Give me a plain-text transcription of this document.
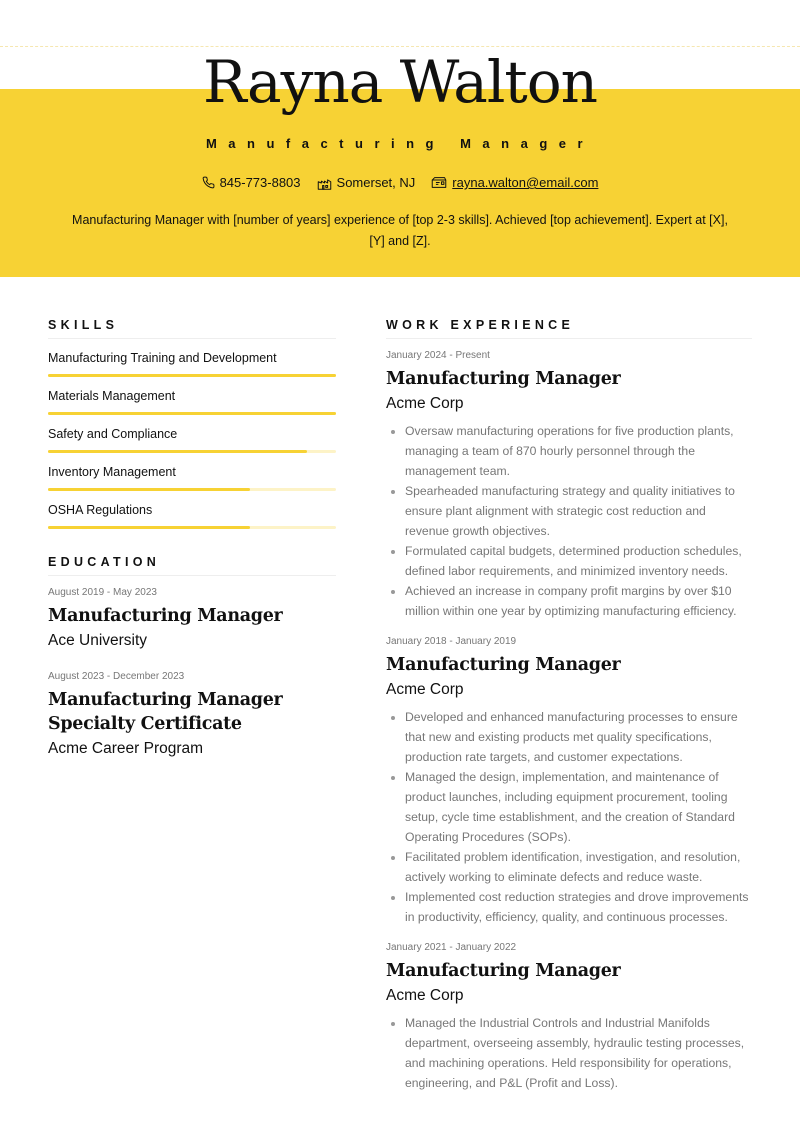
Rayna Walton
Manufacturing Manager
845-773-8803	Somerset, NJ	rayna.walton@email.com

Manufacturing Manager with [number of years] experience of [top 2-3 skills]. Achieved [top achievement]. Expert at [X], [Y] and [Z].

SKILLS
Manufacturing Training and Development
Materials Management
Safety and Compliance
Inventory Management
OSHA Regulations
EDUCATION
August 2019 - May 2023
Manufacturing Manager
Ace University
August 2023 - December 2023
Manufacturing Manager Specialty Certificate
Acme Career Program
WORK EXPERIENCE
January 2024 - Present
Manufacturing Manager
Acme Corp
• Oversaw manufacturing operations for five production plants, managing a team of 870 hourly personnel through the management team.
• Spearheaded manufacturing strategy and quality initiatives to ensure plant alignment with strategic cost reduction and revenue growth objectives.
• Formulated capital budgets, determined production schedules, defined labor requirements, and minimized inventory needs.
• Achieved an increase in company profit margins by over $10 million within one year by optimizing manufacturing efficiency.
January 2018 - January 2019
Manufacturing Manager
Acme Corp
• Developed and enhanced manufacturing processes to ensure that new and existing products met quality specifications, production rate targets, and customer expectations.
• Managed the design, implementation, and maintenance of product launches, including equipment procurement, tooling setup, cycle time establishment, and the creation of Standard Operating Procedures (SOPs).
• Facilitated problem identification, investigation, and resolution, actively working to eliminate defects and reduce waste.
• Implemented cost reduction strategies and drove improvements in productivity, efficiency, quality, and continuous processes.
January 2021 - January 2022
Manufacturing Manager
Acme Corp
• Managed the Industrial Controls and Industrial Manifolds department, overseeing assembly, hydraulic testing processes, and machining operations. Held responsibility for operations, engineering, and P&L (Profit and Loss).
